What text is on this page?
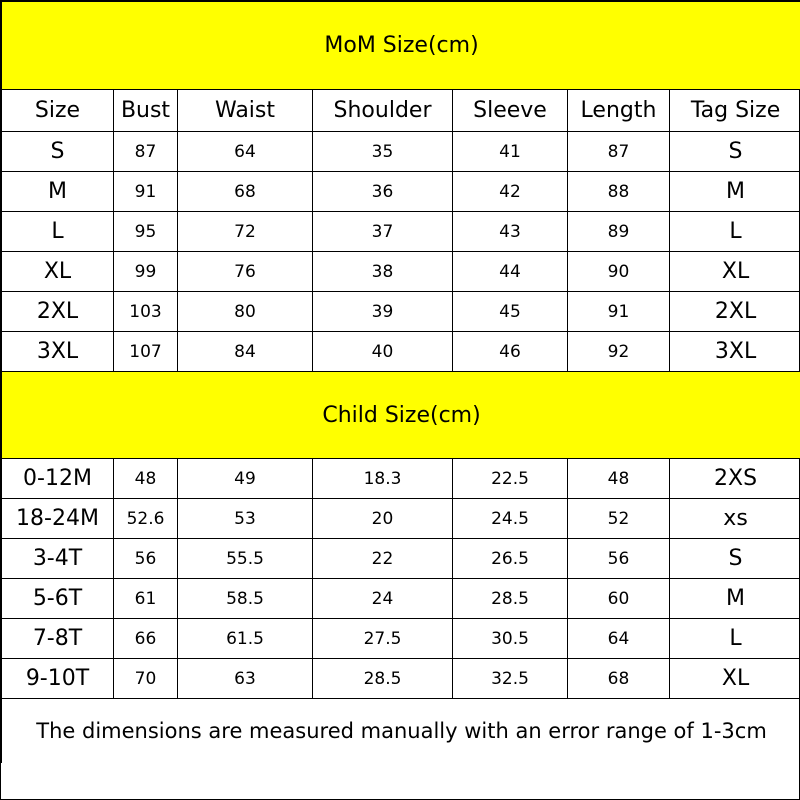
MoM Size(cm)						
Size	Bust	Waist	Shoulder	Sleeve	Length	Tag Size
S	87	64	35	41	87	S
M	91	68	36	42	88	M
L	95	72	37	43	89	L
XL	99	76	38	44	90	XL
2XL	103	80	39	45	91	2XL
3XL	107	84	40	46	92	3XL
Child Size(cm)						
0-12M	48	49	18.3	22.5	48	2XS
18-24M	52.6	53	20	24.5	52	xs
3-4T	56	55.5	22	26.5	56	S
5-6T	61	58.5	24	28.5	60	M
7-8T	66	61.5	27.5	30.5	64	L
9-10T	70	63	28.5	32.5	68	XL
The dimensions are measured manually with an error range of 1-3cm						
